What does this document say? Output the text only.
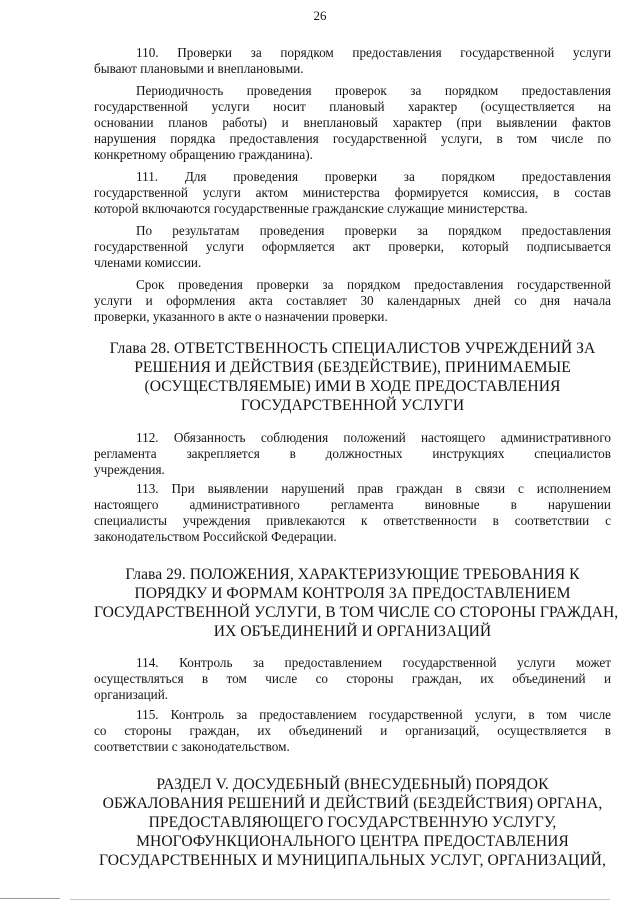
26
110. Проверки за порядком предоставления государственной услуги
бывают плановыми и внеплановыми.
Периодичность проведения проверок за порядком предоставления
государственной услуги носит плановый характер (осуществляется на
основании планов работы) и внеплановый характер (при выявлении фактов
нарушения порядка предоставления государственной услуги, в том числе по
конкретному обращению гражданина).
111. Для проведения проверки за порядком предоставления
государственной услуги актом министерства формируется комиссия, в состав
которой включаются государственные гражданские служащие министерства.
По результатам проведения проверки за порядком предоставления
государственной услуги оформляется акт проверки, который подписывается
членами комиссии.
Срок проведения проверки за порядком предоставления государственной
услуги и оформления акта составляет 30 календарных дней со дня начала
проверки, указанного в акте о назначении проверки.
Глава 28. ОТВЕТСТВЕННОСТЬ СПЕЦИАЛИСТОВ УЧРЕЖДЕНИЙ ЗА
РЕШЕНИЯ И ДЕЙСТВИЯ (БЕЗДЕЙСТВИЕ), ПРИНИМАЕМЫЕ
(ОСУЩЕСТВЛЯЕМЫЕ) ИМИ В ХОДЕ ПРЕДОСТАВЛЕНИЯ
ГОСУДАРСТВЕННОЙ УСЛУГИ
112. Обязанность соблюдения положений настоящего административного
регламента закрепляется в должностных инструкциях специалистов
учреждения.
113. При выявлении нарушений прав граждан в связи с исполнением
настоящего административного регламента виновные в нарушении
специалисты учреждения привлекаются к ответственности в соответствии с
законодательством Российской Федерации.
Глава 29. ПОЛОЖЕНИЯ, ХАРАКТЕРИЗУЮЩИЕ ТРЕБОВАНИЯ К
ПОРЯДКУ И ФОРМАМ КОНТРОЛЯ ЗА ПРЕДОСТАВЛЕНИЕМ
ГОСУДАРСТВЕННОЙ УСЛУГИ, В ТОМ ЧИСЛЕ СО СТОРОНЫ ГРАЖДАН,
ИХ ОБЪЕДИНЕНИЙ И ОРГАНИЗАЦИЙ
114. Контроль за предоставлением государственной услуги может
осуществляться в том числе со стороны граждан, их объединений и
организаций.
115. Контроль за предоставлением государственной услуги, в том числе
со стороны граждан, их объединений и организаций, осуществляется в
соответствии с законодательством.
РАЗДЕЛ V. ДОСУДЕБНЫЙ (ВНЕСУДЕБНЫЙ) ПОРЯДОК
ОБЖАЛОВАНИЯ РЕШЕНИЙ И ДЕЙСТВИЙ (БЕЗДЕЙСТВИЯ) ОРГАНА,
ПРЕДОСТАВЛЯЮЩЕГО ГОСУДАРСТВЕННУЮ УСЛУГУ,
МНОГОФУНКЦИОНАЛЬНОГО ЦЕНТРА ПРЕДОСТАВЛЕНИЯ
ГОСУДАРСТВЕННЫХ И МУНИЦИПАЛЬНЫХ УСЛУГ, ОРГАНИЗАЦИЙ,
